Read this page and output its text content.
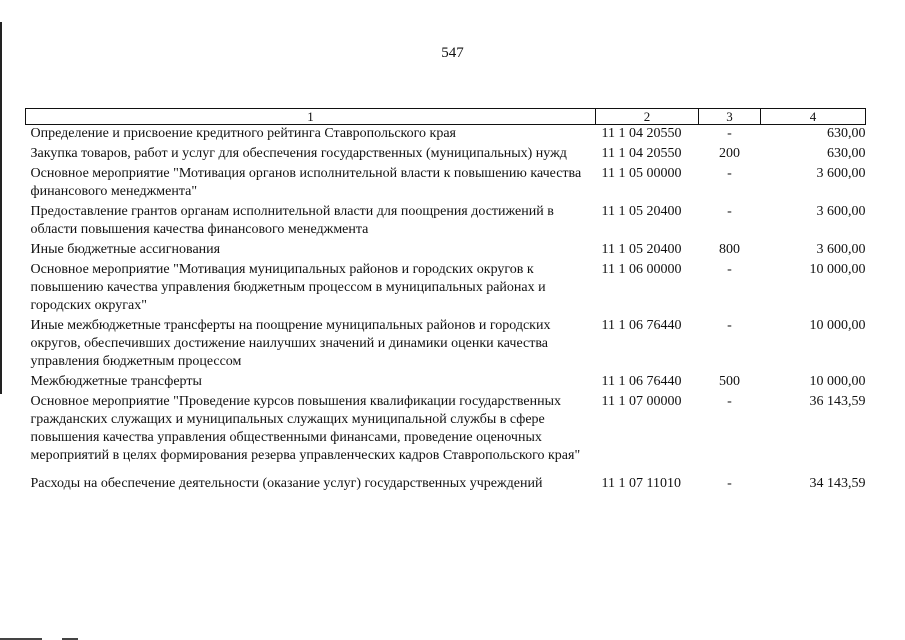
547
1	2	3	4
Определение и присвоение кредитного рейтинга Ставропольского края	11 1 04 20550	-	630,00
Закупка товаров, работ и услуг для обеспечения государственных (муниципальных) нужд	11 1 04 20550	200	630,00
Основное мероприятие "Мотивация органов исполнительной власти к повышению качества финансового менеджмента"	11 1 05 00000	-	3 600,00
Предоставление грантов органам исполнительной власти для поощрения достижений в области повышения качества финансового менеджмента	11 1 05 20400	-	3 600,00
Иные бюджетные ассигнования	11 1 05 20400	800	3 600,00
Основное мероприятие "Мотивация муниципальных районов и городских округов к повышению качества управления бюджетным процессом в муниципальных районах и городских округах"	11 1 06 00000	-	10 000,00
Иные межбюджетные трансферты на поощрение муниципальных районов и городских округов, обеспечивших достижение наилучших значений и динамики оценки качества управления бюджетным процессом	11 1 06 76440	-	10 000,00
Межбюджетные трансферты	11 1 06 76440	500	10 000,00
Основное мероприятие "Проведение курсов повышения квалификации государственных гражданских служащих и муниципальных служащих муниципальной службы в сфере повышения качества управления общественными финансами, проведение оценочных мероприятий в целях формирования резерва управленческих кадров Ставропольского края"	11 1 07 00000	-	36 143,59
Расходы на обеспечение деятельности (оказание услуг) государственных учреждений	11 1 07 11010	-	34 143,59
